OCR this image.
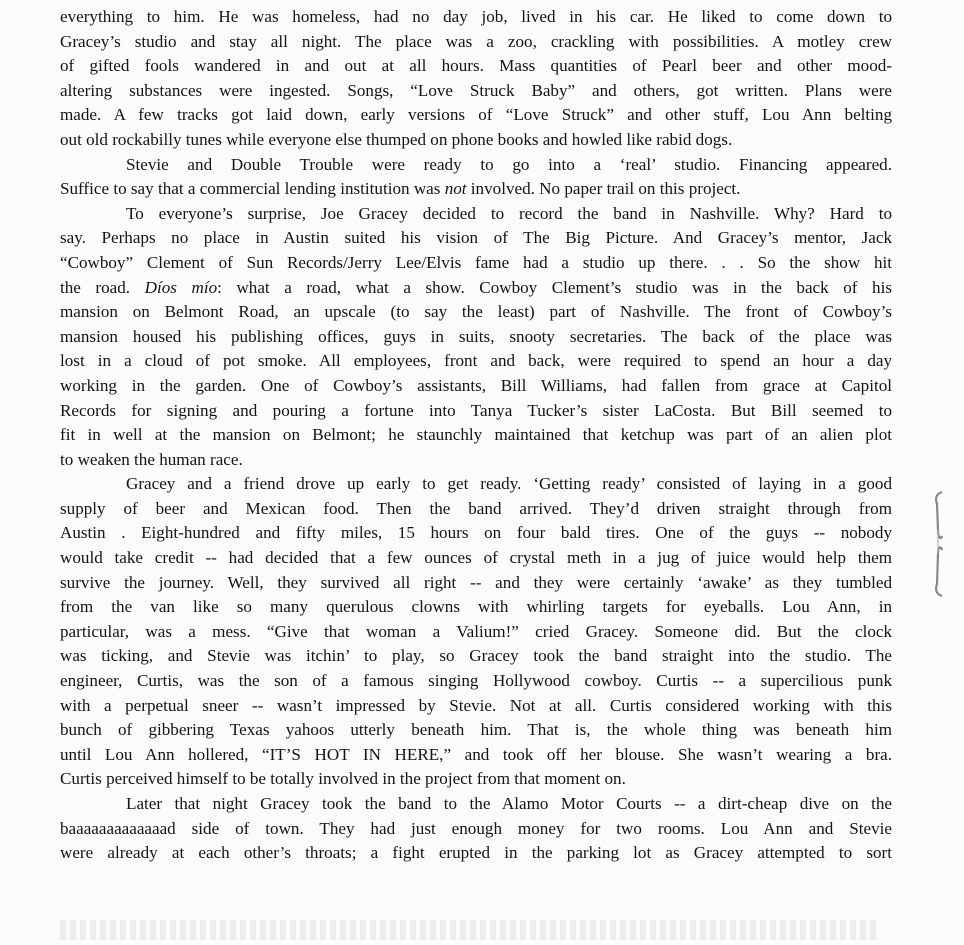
everything to him. He was homeless, had no day job, lived in his car. He liked to come down to
Gracey’s studio and stay all night. The place was a zoo, crackling with possibilities. A motley crew
of gifted fools wandered in and out at all hours. Mass quantities of Pearl beer and other mood-
altering substances were ingested. Songs, “Love Struck Baby” and others, got written. Plans were
made. A few tracks got laid down, early versions of “Love Struck” and other stuff, Lou Ann belting
out old rockabilly tunes while everyone else thumped on phone books and howled like rabid dogs.
Stevie and Double Trouble were ready to go into a ‘real’ studio. Financing appeared.
Suffice to say that a commercial lending institution was not involved. No paper trail on this project.
To everyone’s surprise, Joe Gracey decided to record the band in Nashville. Why? Hard to
say. Perhaps no place in Austin suited his vision of The Big Picture. And Gracey’s mentor, Jack
“Cowboy” Clement of Sun Records/Jerry Lee/Elvis fame had a studio up there. . . So the show hit
the road. Díos mío: what a road, what a show. Cowboy Clement’s studio was in the back of his
mansion on Belmont Road, an upscale (to say the least) part of Nashville. The front of Cowboy’s
mansion housed his publishing offices, guys in suits, snooty secretaries. The back of the place was
lost in a cloud of pot smoke. All employees, front and back, were required to spend an hour a day
working in the garden. One of Cowboy’s assistants, Bill Williams, had fallen from grace at Capitol
Records for signing and pouring a fortune into Tanya Tucker’s sister LaCosta. But Bill seemed to
fit in well at the mansion on Belmont; he staunchly maintained that ketchup was part of an alien plot
to weaken the human race.
Gracey and a friend drove up early to get ready. ‘Getting ready’ consisted of laying in a good
supply of beer and Mexican food. Then the band arrived. They’d driven straight through from
Austin . Eight-hundred and fifty miles, 15 hours on four bald tires. One of the guys -- nobody
would take credit -- had decided that a few ounces of crystal meth in a jug of juice would help them
survive the journey. Well, they survived all right -- and they were certainly ‘awake’ as they tumbled
from the van like so many querulous clowns with whirling targets for eyeballs. Lou Ann, in
particular, was a mess. “Give that woman a Valium!” cried Gracey. Someone did. But the clock
was ticking, and Stevie was itchin’ to play, so Gracey took the band straight into the studio. The
engineer, Curtis, was the son of a famous singing Hollywood cowboy. Curtis -- a supercilious punk
with a perpetual sneer -- wasn’t impressed by Stevie. Not at all. Curtis considered working with this
bunch of gibbering Texas yahoos utterly beneath him. That is, the whole thing was beneath him
until Lou Ann hollered, “IT’S HOT IN HERE,” and took off her blouse. She wasn’t wearing a bra.
Curtis perceived himself to be totally involved in the project from that moment on.
Later that night Gracey took the band to the Alamo Motor Courts -- a dirt-cheap dive on the
baaaaaaaaaaaaad side of town. They had just enough money for two rooms. Lou Ann and Stevie
were already at each other’s throats; a fight erupted in the parking lot as Gracey attempted to sort
